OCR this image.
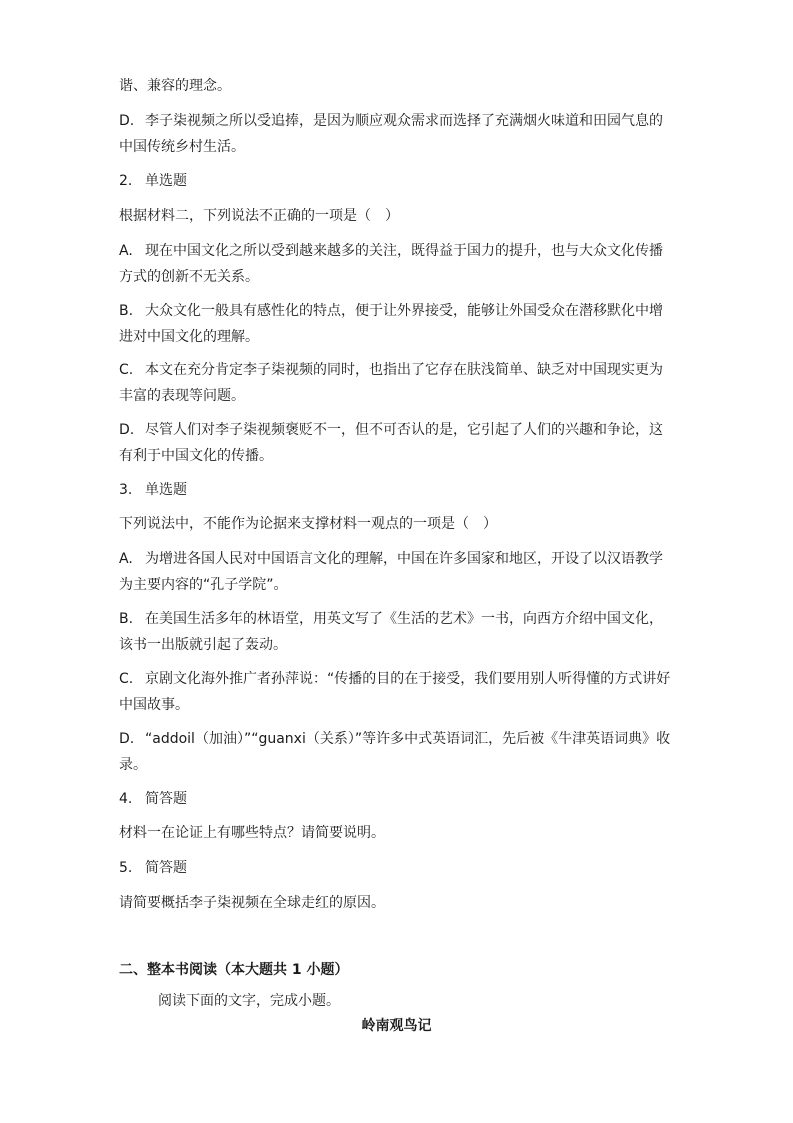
谐、兼容的理念。
D. 李子柒视频之所以受追捧，是因为顺应观众需求而选择了充满烟火味道和田园气息的
中国传统乡村生活。
2. 单选题
根据材料二，下列说法不正确的一项是（　）
A. 现在中国文化之所以受到越来越多的关注，既得益于国力的提升，也与大众文化传播
方式的创新不无关系。
B. 大众文化一般具有感性化的特点，便于让外界接受，能够让外国受众在潜移默化中增
进对中国文化的理解。
C. 本文在充分肯定李子柒视频的同时，也指出了它存在肤浅简单、缺乏对中国现实更为
丰富的表现等问题。
D. 尽管人们对李子柒视频褒贬不一，但不可否认的是，它引起了人们的兴趣和争论，这
有利于中国文化的传播。
3. 单选题
下列说法中，不能作为论据来支撑材料一观点的一项是（　）
A. 为增进各国人民对中国语言文化的理解，中国在许多国家和地区，开设了以汉语教学
为主要内容的“孔子学院”。
B. 在美国生活多年的林语堂，用英文写了《生活的艺术》一书，向西方介绍中国文化，
该书一出版就引起了轰动。
C. 京剧文化海外推广者孙萍说：“传播的目的在于接受，我们要用别人听得懂的方式讲好
中国故事。
D. “addoil（加油）”“guanxi（关系）”等许多中式英语词汇，先后被《牛津英语词典》收
录。
4. 简答题
材料一在论证上有哪些特点？请简要说明。
5. 简答题
请简要概括李子柒视频在全球走红的原因。
二、整本书阅读（本大题共 1 小题）
阅读下面的文字，完成小题。
岭南观鸟记
